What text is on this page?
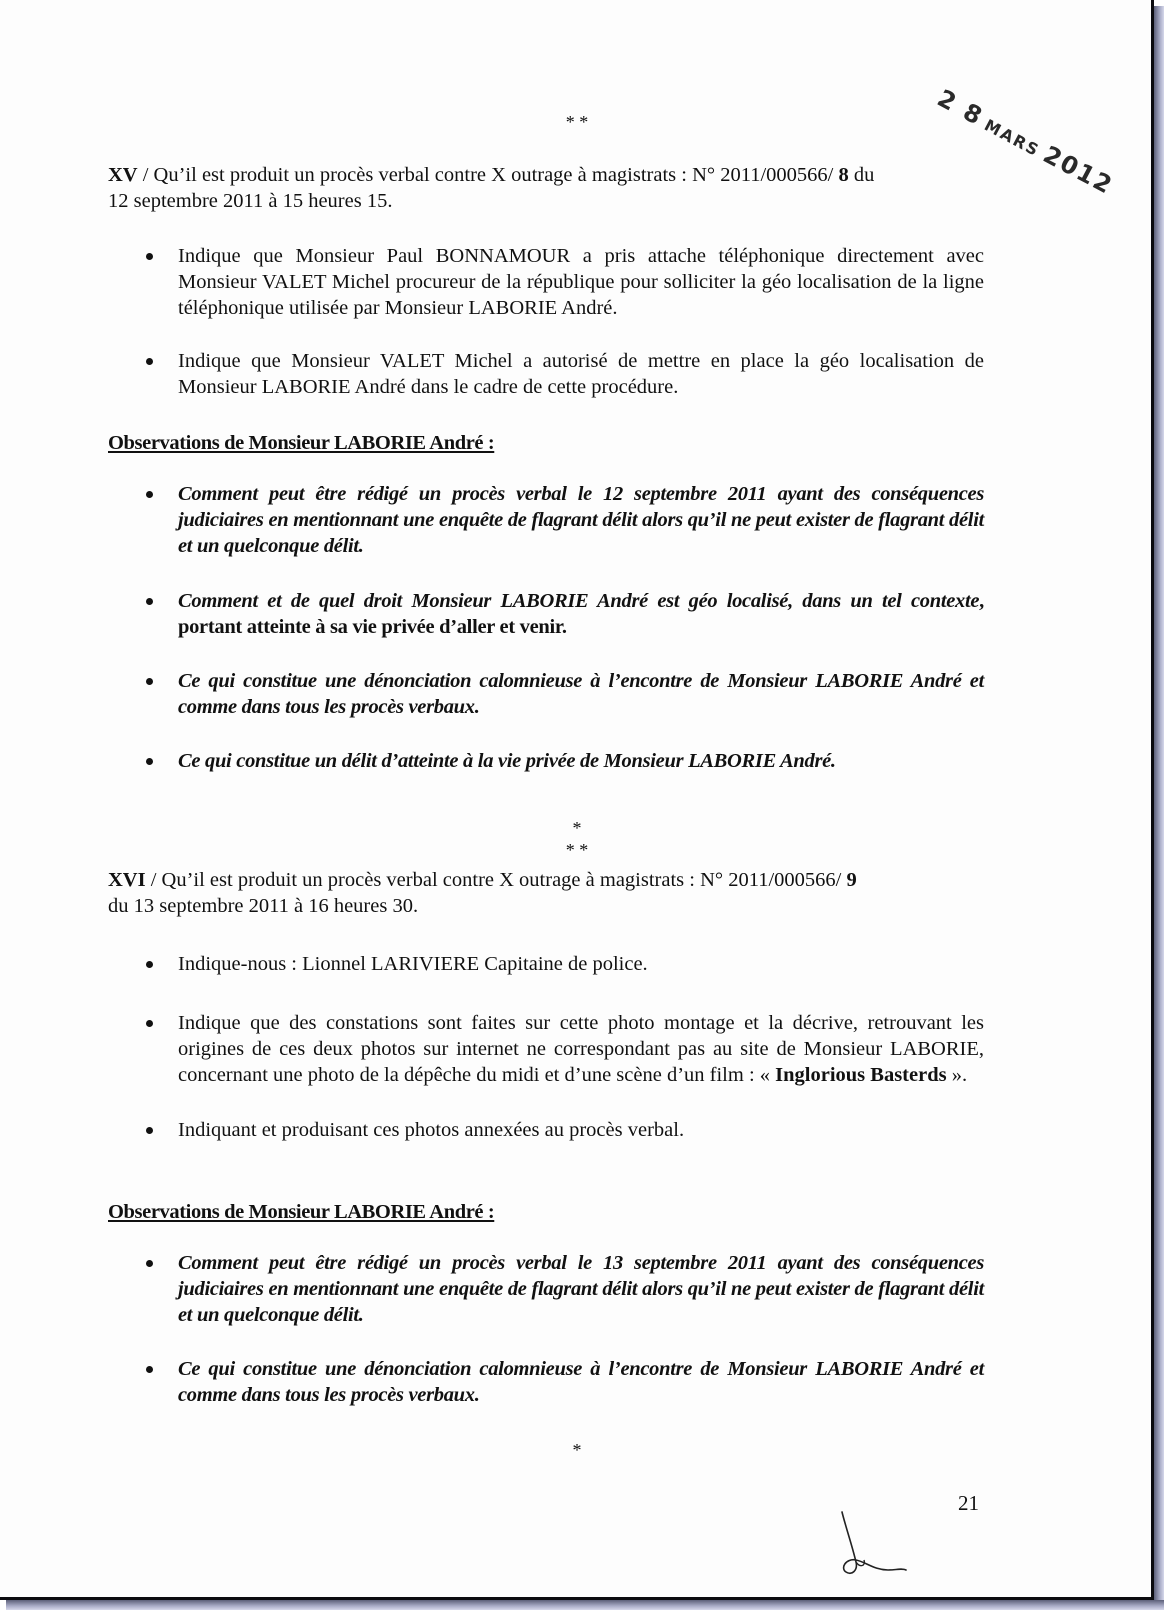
2 8MARS2012
* *
XV / Qu’il est produit un procès verbal contre X outrage à magistrats : N° 2011/000566/ 8 du
12 septembre 2011 à 15 heures 15.
Indique que Monsieur Paul BONNAMOUR a pris attache téléphonique directement avec Monsieur VALET Michel procureur de la république pour solliciter la géo localisation de la ligne téléphonique utilisée par Monsieur LABORIE André.
Indique que Monsieur VALET Michel a autorisé de mettre en place la géo localisation de Monsieur LABORIE André dans le cadre de cette procédure.
Observations de Monsieur LABORIE André :
Comment peut être rédigé un procès verbal le 12 septembre 2011 ayant des conséquences judiciaires en mentionnant une enquête de flagrant délit alors qu’il ne peut exister de flagrant délit et un quelconque délit.
Comment et de quel droit Monsieur LABORIE André est géo localisé, dans un tel contexte, portant atteinte à sa vie privée d’aller et venir.
Ce qui constitue une dénonciation calomnieuse à l’encontre de Monsieur LABORIE André et comme dans tous les procès verbaux.
Ce qui constitue un délit d’atteinte à la vie privée de Monsieur LABORIE André.
*
* *
XVI / Qu’il est produit un procès verbal contre X outrage à magistrats : N° 2011/000566/ 9
du 13 septembre 2011 à 16 heures 30.
Indique-nous : Lionnel LARIVIERE Capitaine de police.
Indique que des constations sont faites sur cette photo montage et la décrive, retrouvant les origines de ces deux photos sur internet ne correspondant pas au site de Monsieur LABORIE, concernant une photo de la dépêche du midi et d’une scène d’un film : « Inglorious Basterds ».
Indiquant et produisant ces photos annexées au procès verbal.
Observations de Monsieur LABORIE André :
Comment peut être rédigé un procès verbal le 13 septembre 2011 ayant des conséquences judiciaires en mentionnant une enquête de flagrant délit alors qu’il ne peut exister de flagrant délit et un quelconque délit.
Ce qui constitue une dénonciation calomnieuse à l’encontre de Monsieur LABORIE André et comme dans tous les procès verbaux.
*
21
